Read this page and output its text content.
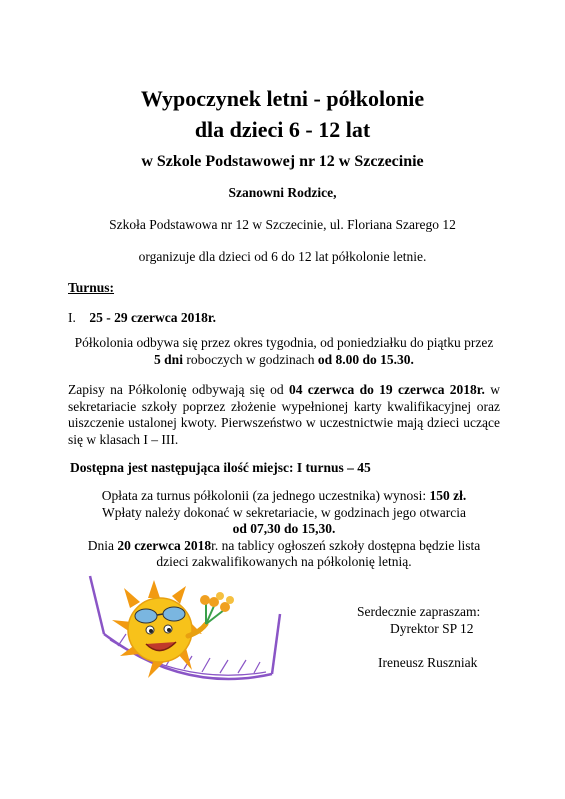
Wypoczynek letni - półkolonie
dla dzieci 6 - 12 lat
w Szkole Podstawowej nr 12 w Szczecinie
Szanowni Rodzice,
Szkoła Podstawowa nr 12 w Szczecinie, ul. Floriana Szarego 12
organizuje dla dzieci od 6 do 12 lat półkolonie letnie.
Turnus:
I. 25 - 29 czerwca 2018r.
Półkolonia odbywa się przez okres tygodnia, od poniedziałku do piątku przez
5 dni roboczych w godzinach od 8.00 do 15.30.
Zapisy na Półkolonię odbywają się od 04 czerwca do 19 czerwca 2018r. w sekretariacie szkoły poprzez złożenie wypełnionej karty kwalifikacyjnej oraz uiszczenie ustalonej kwoty. Pierwszeństwo w uczestnictwie mają dzieci uczące się w klasach I – III.
Dostępna jest następująca ilość miejsc: I turnus – 45
Opłata za turnus półkolonii (za jednego uczestnika) wynosi: 150 zł.
Wpłaty należy dokonać w sekretariacie, w godzinach jego otwarcia
od 07,30 do 15,30.
Dnia 20 czerwca 2018r. na tablicy ogłoszeń szkoły dostępna będzie lista
dzieci zakwalifikowanych na półkolonię letnią.
Serdecznie zapraszam:
Dyrektor SP 12
Ireneusz Ruszniak
